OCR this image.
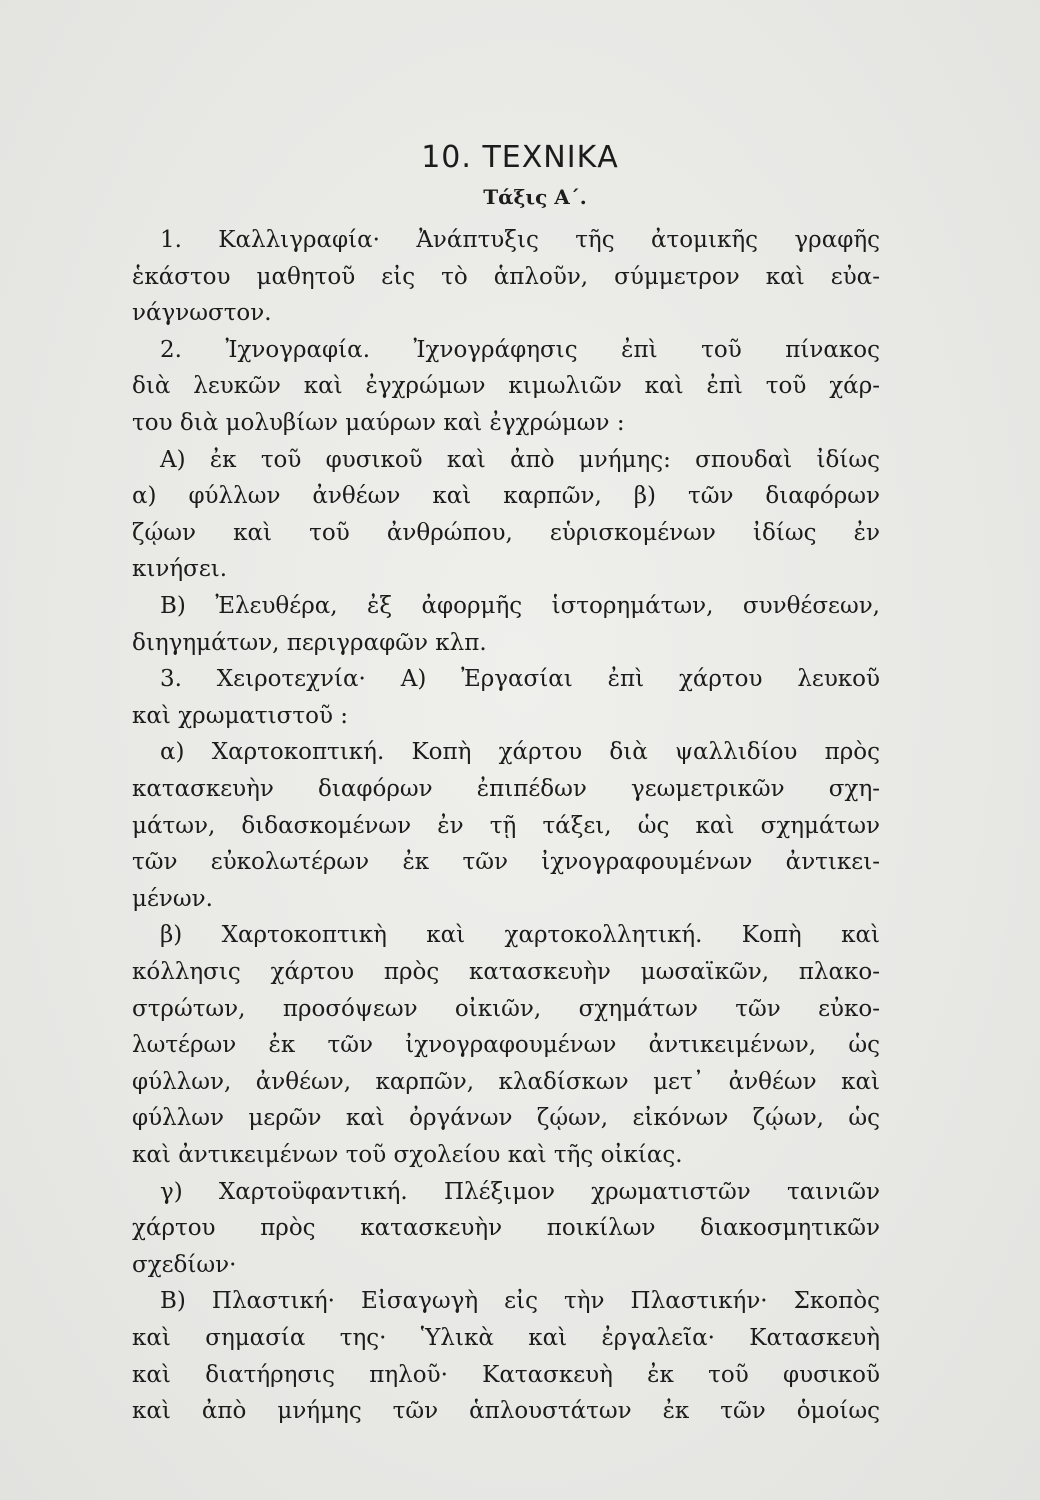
10. ΤΕΧΝΙΚΑ
Τάξις Α΄.

1. Καλλιγραφία· Ἀνάπτυξις τῆς ἀτομικῆς γραφῆς

ἑκάστου μαθητοῦ εἰς τὸ ἁπλοῦν, σύμμετρον καὶ εὐα-

νάγνωστον.

2. Ἰχνογραφία. Ἰχνογράφησις ἐπὶ τοῦ πίνακος

διὰ λευκῶν καὶ ἐγχρώμων κιμωλιῶν καὶ ἐπὶ τοῦ χάρ-

του διὰ μολυβίων μαύρων καὶ ἐγχρώμων :

Α) ἐκ τοῦ φυσικοῦ καὶ ἀπὸ μνήμης: σπουδαὶ ἰδίως

α) φύλλων ἀνθέων καὶ καρπῶν, β) τῶν διαφόρων

ζῴων καὶ τοῦ ἀνθρώπου, εὑρισκομένων ἰδίως ἐν

κινήσει.

Β) Ἐλευθέρα, ἐξ ἀφορμῆς ἱστορημάτων, συνθέσεων,

διηγημάτων, περιγραφῶν κλπ.

3. Χειροτεχνία· Α) Ἐργασίαι ἐπὶ χάρτου λευκοῦ

καὶ χρωματιστοῦ :

α) Χαρτοκοπτική. Κοπὴ χάρτου διὰ ψαλλιδίου πρὸς

κατασκευὴν διαφόρων ἐπιπέδων γεωμετρικῶν σχη-

μάτων, διδασκομένων ἐν τῇ τάξει, ὡς καὶ σχημάτων

τῶν εὐκολωτέρων ἐκ τῶν ἰχνογραφουμένων ἀντικει-

μένων.

β) Χαρτοκοπτικὴ καὶ χαρτοκολλητική. Κοπὴ καὶ

κόλλησις χάρτου πρὸς κατασκευὴν μωσαϊκῶν, πλακο-

στρώτων, προσόψεων οἰκιῶν, σχημάτων τῶν εὐκο-

λωτέρων ἐκ τῶν ἰχνογραφουμένων ἀντικειμένων, ὡς

φύλλων, ἀνθέων, καρπῶν, κλαδίσκων μετ᾿ ἀνθέων καὶ

φύλλων μερῶν καὶ ὀργάνων ζῴων, εἰκόνων ζῴων, ὡς

καὶ ἀντικειμένων τοῦ σχολείου καὶ τῆς οἰκίας.

γ) Χαρτοϋφαντική. Πλέξιμον χρωματιστῶν ταινιῶν

χάρτου πρὸς κατασκευὴν ποικίλων διακοσμητικῶν

σχεδίων·

Β) Πλαστική· Εἰσαγωγὴ εἰς τὴν Πλαστικήν· Σκοπὸς

καὶ σημασία της· Ὑλικὰ καὶ ἐργαλεῖα· Κατασκευὴ

καὶ διατήρησις πηλοῦ· Κατασκευὴ ἐκ τοῦ φυσικοῦ

καὶ ἀπὸ μνήμης τῶν ἁπλουστάτων ἐκ τῶν ὁμοίως
